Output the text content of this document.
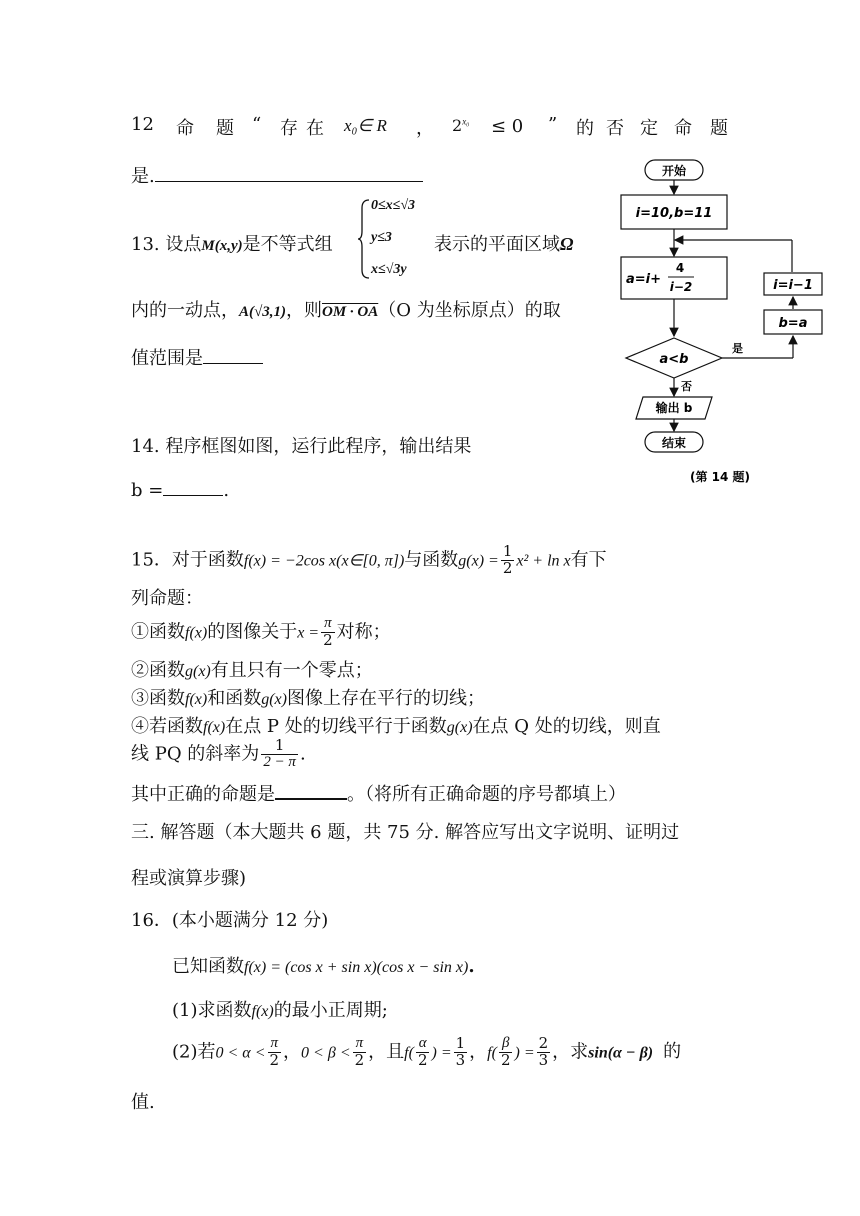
12 命 题 “ 存 在 x₀∈ R ， $2^{x_0} \le 0$ ” 的 否 定 命 题
是.
13. 设点M(x,y)是不等式组
0≤x≤√3
y≤3
x≤√3y
表示的平面区域Ω
内的一动点，A(√3,1)，则OM · OA（O 为坐标原点）的取
值范围是
14. 程序框图如图，运行此程序，输出结果
b =	.
开始
i=10,b=11
a=i+
4
i−2	i=i−1
b=a
a<b
是
否
输出 b
结束
(第 14 题)
15．对于函数f(x) = −2cos x(x∈[0, π])与函数$g(x) = \frac{1}{2} x^2 + \ln x$有下
列命题：
①函数f(x)的图像关于$x = \frac{\pi}{2}$ 对称；
②函数g(x)有且只有一个零点；
③函数f(x)和函数g(x)图像上存在平行的切线；
④若函数f(x)在点 P 处的切线平行于函数g(x)在点 Q 处的切线，则直
线 PQ 的斜率为 $\frac{1}{2 - \pi}$ .
其中正确的命题是	。（将所有正确命题的序号都填上）
三. 解答题（本大题共 6 题，共 75 分. 解答应写出文字说明、证明过
程或演算步骤)
16．(本小题满分 12 分)
已知函数f(x) = (cos x + sin x)(cos x − sin x).
(1)求函数f(x)的最小正周期;
(2)若$0 < \alpha < \frac{\pi}{2}$ ，$0 < \beta < \frac{\pi}{2}$ ，且$f( \frac{\alpha}{2}$ ) = $\frac{1}{3}$ ，$f( \frac{\beta}{2}$ ) = $\frac{2}{3}$ ，求sin(α − β) 的
值.
